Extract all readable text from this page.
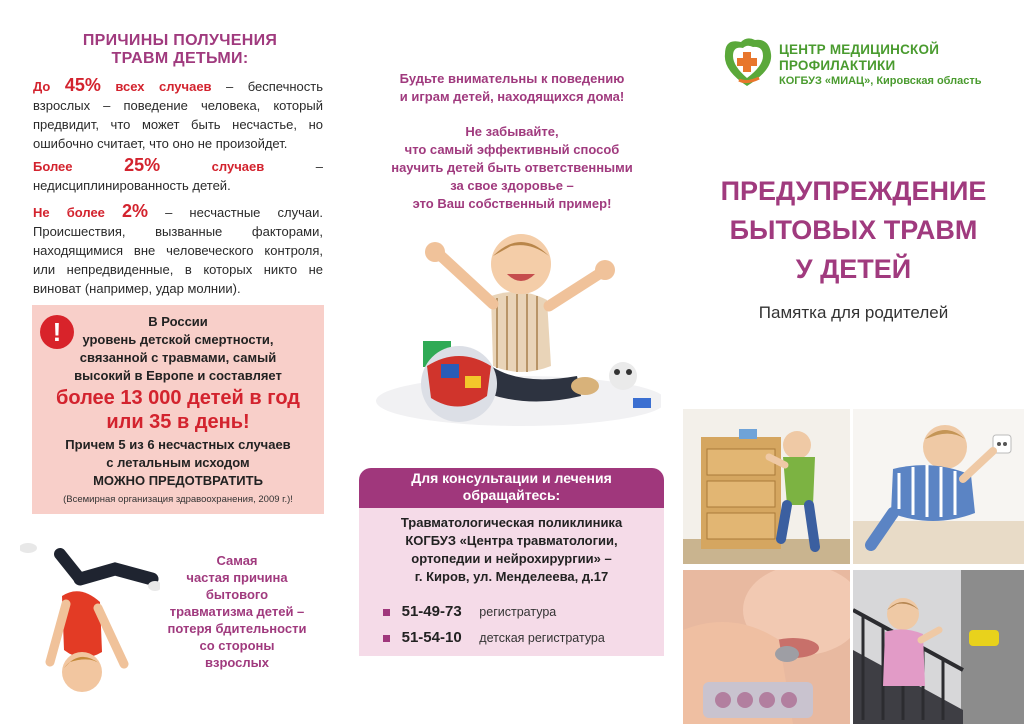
ПРИЧИНЫ ПОЛУЧЕНИЯ
ТРАВМ ДЕТЬМИ:
До 45% всех случаев – беспечность взрослых – поведение человека, который предвидит, что может быть несчастье, но ошибочно считает, что оно не произойдет.
Более	25%	случаев	– недисциплинированность детей.
Не более 2% – несчастные случаи. Происшествия, вызванные факторами, находящимися вне человеческого контроля, или непредвиденные, в которых никто не виноват (например, удар молнии).
!	В России
уровень детской смертности,
связанной с травмами, самый
высокий в Европе и составляет
более 13 000 детей в год
или 35 в день!
Причем 5 из 6 несчастных случаев
с летальным исходом
МОЖНО ПРЕДОТВРАТИТЬ
(Всемирная организация здравоохранения, 2009 г.)!
Самая
частая причина
бытового
травматизма детей –
потеря бдительности
со стороны
взрослых
Будьте внимательны к поведению
и играм детей, находящихся дома!
Не забывайте,
что самый эффективный способ
научить детей быть ответственными
за свое здоровье –
это Ваш собственный пример!
Для консультации и лечения
обращайтесь:
Травматологическая поликлиника
КОГБУЗ «Центра травматологии,
ортопедии и нейрохирургии» –
г. Киров, ул. Менделеева, д.17
51-49-73 регистратура
51-54-10 детская регистратура
ЦЕНТР МЕДИЦИНСКОЙ
ПРОФИЛАКТИКИ
КОГБУЗ «МИАЦ», Кировская область
ПРЕДУПРЕЖДЕНИЕ
БЫТОВЫХ ТРАВМ
У ДЕТЕЙ
Памятка для родителей
